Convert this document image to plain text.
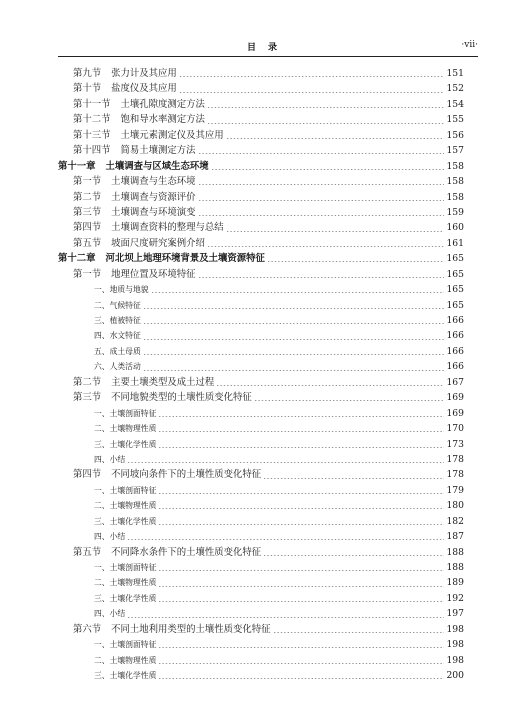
目录	·vii·
第九节 张力计及其应用	151
第十节 盐度仪及其应用	152
第十一节 土壤孔隙度测定方法	154
第十二节 饱和导水率测定方法	155
第十三节 土壤元素测定仪及其应用	156
第十四节 简易土壤测定方法	157
第十一章 土壤调查与区域生态环境	158
第一节 土壤调查与生态环境	158
第二节 土壤调查与资源评价	158
第三节 土壤调查与环境演变	159
第四节 土壤调查资料的整理与总结	160
第五节 坡面尺度研究案例介绍	161
第十二章 河北坝上地理环境背景及土壤资源特征	165
第一节 地理位置及环境特征	165
一、地质与地貌	165
二、气候特征	165
三、植被特征	166
四、水文特征	166
五、成土母质	166
六、人类活动	166
第二节 主要土壤类型及成土过程	167
第三节 不同地貌类型的土壤性质变化特征	169
一、土壤剖面特征	169
二、土壤物理性质	170
三、土壤化学性质	173
四、小结	178
第四节 不同坡向条件下的土壤性质变化特征	178
一、土壤剖面特征	179
二、土壤物理性质	180
三、土壤化学性质	182
四、小结	187
第五节 不同降水条件下的土壤性质变化特征	188
一、土壤剖面特征	188
二、土壤物理性质	189
三、土壤化学性质	192
四、小结	197
第六节 不同土地利用类型的土壤性质变化特征	198
一、土壤剖面特征	198
二、土壤物理性质	198
三、土壤化学性质	200
